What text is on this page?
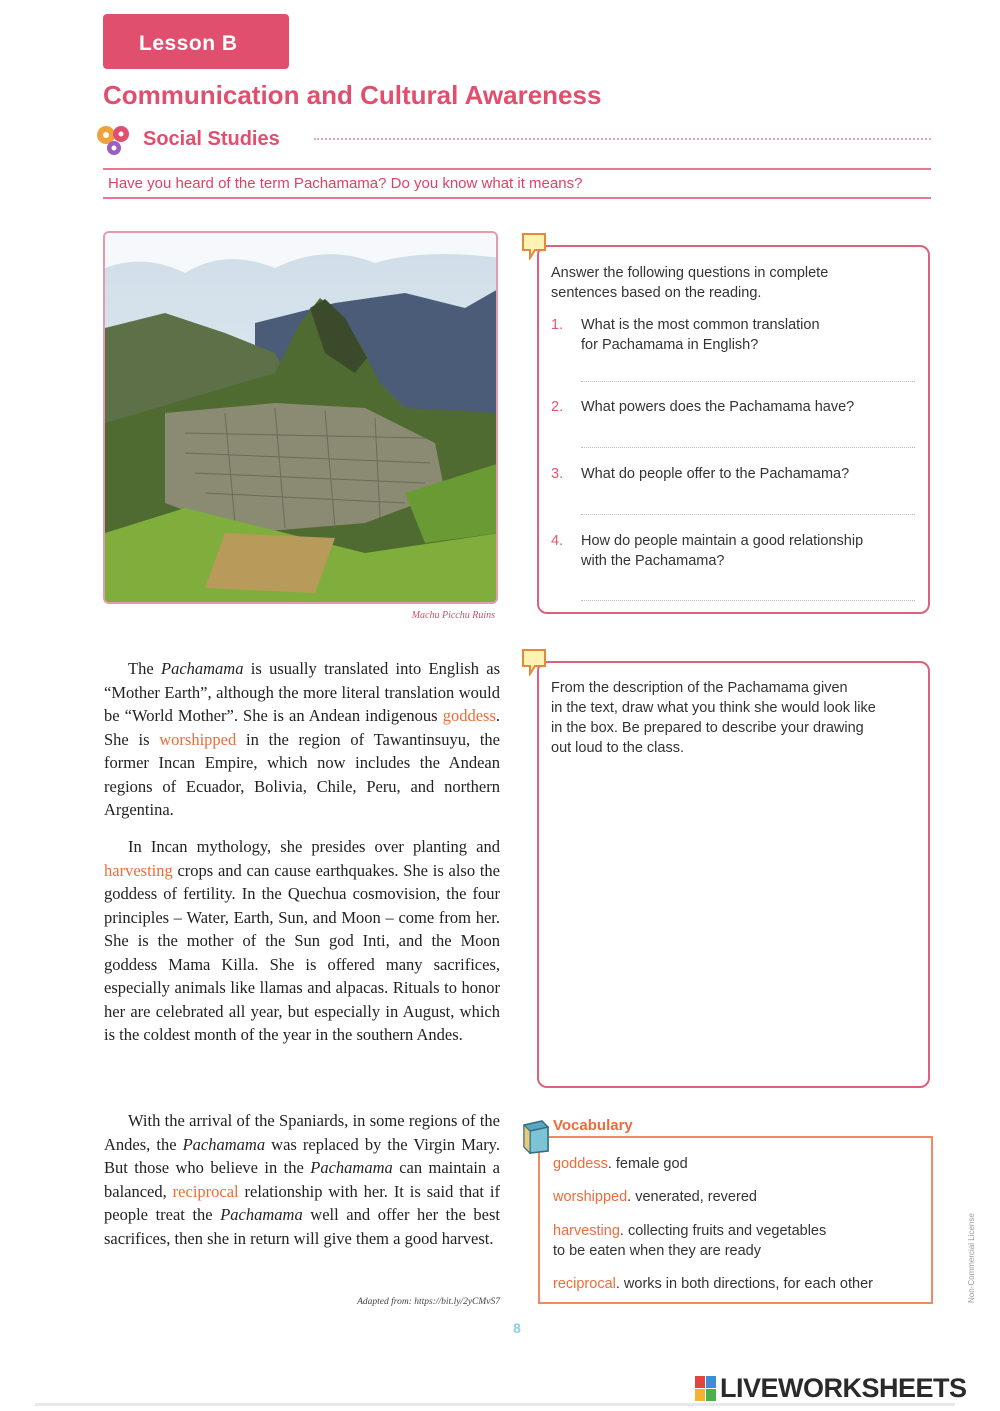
Lesson B
Communication and Cultural Awareness
Social Studies
Have you heard of the term Pachamama? Do you know what it means?
Machu Picchu Ruins

The Pachamama is usually translated into English as “Mother Earth”, although the more literal translation would be “World Mother”. She is an Andean indigenous goddess. She is worshipped in the region of Tawantinsuyu, the former Incan Empire, which now includes the Andean regions of Ecuador, Bolivia, Chile, Peru, and northern Argentina.

In Incan mythology, she presides over planting and harvesting crops and can cause earthquakes. She is also the goddess of fertility. In the Quechua cosmovision, the four principles – Water, Earth, Sun, and Moon – come from her. She is the mother of the Sun god Inti, and the Moon goddess Mama Killa. She is offered many sacrifices, especially animals like llamas and alpacas. Rituals to honor her are celebrated all year, but especially in August, which is the coldest month of the year in the southern Andes.

With the arrival of the Spaniards, in some regions of the Andes, the Pachamama was replaced by the Virgin Mary. But those who believe in the Pachamama can maintain a balanced, reciprocal relationship with her. It is said that if people treat the Pachamama well and offer her the best sacrifices, then she in return will give them a good harvest.

Adapted from: https://bit.ly/2yCMvS7
8
Answer the following questions in complete
sentences based on the reading.
1. What is the most common translation
for Pachamama in English?
2. What powers does the Pachamama have?
3. What do people offer to the Pachamama?
4. How do people maintain a good relationship
with the Pachamama?
From the description of the Pachamama given
in the text, draw what you think she would look like
in the box. Be prepared to describe your drawing
out loud to the class.
Vocabulary
goddess. female god
worshipped. venerated, revered
harvesting. collecting fruits and vegetables
to be eaten when they are ready
reciprocal. works in both directions, for each other	Non-Commercial License
LIVEWORKSHEETS
